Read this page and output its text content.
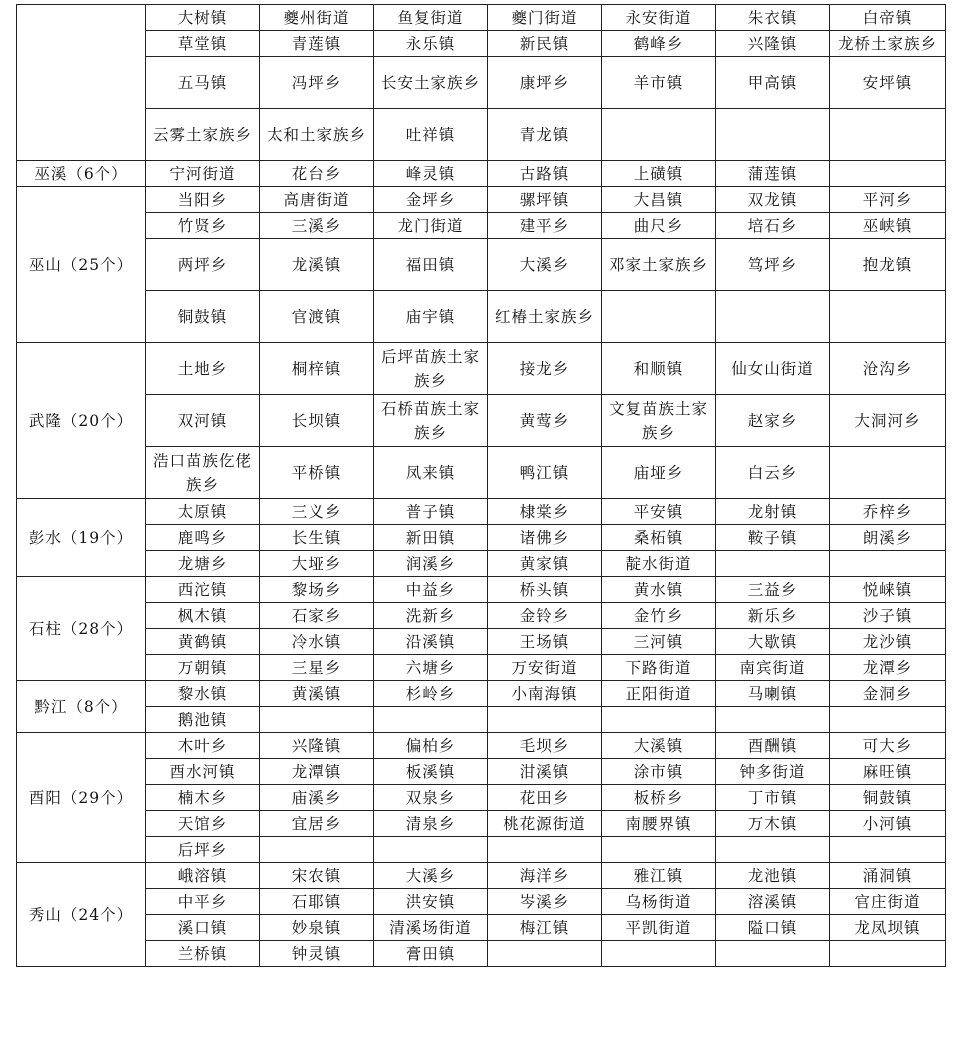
	大树镇	夔州街道	鱼复街道	夔门街道	永安街道	朱衣镇	白帝镇
	草堂镇	青莲镇	永乐镇	新民镇	鹤峰乡	兴隆镇	龙桥土家族乡
	五马镇	冯坪乡	长安土家族乡	康坪乡	羊市镇	甲高镇	安坪镇
	云雾土家族乡	太和土家族乡	吐祥镇	青龙镇			
巫溪（6个）	宁河街道	花台乡	峰灵镇	古路镇	上磺镇	蒲莲镇	
巫山（25个）	当阳乡	高唐街道	金坪乡	骡坪镇	大昌镇	双龙镇	平河乡
	竹贤乡	三溪乡	龙门街道	建平乡	曲尺乡	培石乡	巫峡镇
	两坪乡	龙溪镇	福田镇	大溪乡	邓家土家族乡	笃坪乡	抱龙镇
	铜鼓镇	官渡镇	庙宇镇	红椿土家族乡			
武隆（20个）	土地乡	桐梓镇	后坪苗族土家族乡	接龙乡	和顺镇	仙女山街道	沧沟乡
	双河镇	长坝镇	石桥苗族土家族乡	黄莺乡	文复苗族土家族乡	赵家乡	大洞河乡
	浩口苗族仡佬族乡	平桥镇	凤来镇	鸭江镇	庙垭乡	白云乡	
彭水（19个）	太原镇	三义乡	普子镇	棣棠乡	平安镇	龙射镇	乔梓乡
	鹿鸣乡	长生镇	新田镇	诸佛乡	桑柘镇	鞍子镇	朗溪乡
	龙塘乡	大垭乡	润溪乡	黄家镇	靛水街道		
石柱（28个）	西沱镇	黎场乡	中益乡	桥头镇	黄水镇	三益乡	悦崃镇
	枫木镇	石家乡	洗新乡	金铃乡	金竹乡	新乐乡	沙子镇
	黄鹤镇	冷水镇	沿溪镇	王场镇	三河镇	大歇镇	龙沙镇
	万朝镇	三星乡	六塘乡	万安街道	下路街道	南宾街道	龙潭乡
黔江（8个）	黎水镇	黄溪镇	杉岭乡	小南海镇	正阳街道	马喇镇	金洞乡
	鹅池镇						
酉阳（29个）	木叶乡	兴隆镇	偏柏乡	毛坝乡	大溪镇	酉酬镇	可大乡
	酉水河镇	龙潭镇	板溪镇	泔溪镇	涂市镇	钟多街道	麻旺镇
	楠木乡	庙溪乡	双泉乡	花田乡	板桥乡	丁市镇	铜鼓镇
	天馆乡	宜居乡	清泉乡	桃花源街道	南腰界镇	万木镇	小河镇
	后坪乡						
秀山（24个）	峨溶镇	宋农镇	大溪乡	海洋乡	雅江镇	龙池镇	涌洞镇
	中平乡	石耶镇	洪安镇	岑溪乡	乌杨街道	溶溪镇	官庄街道
	溪口镇	妙泉镇	清溪场街道	梅江镇	平凯街道	隘口镇	龙凤坝镇
	兰桥镇	钟灵镇	膏田镇				
